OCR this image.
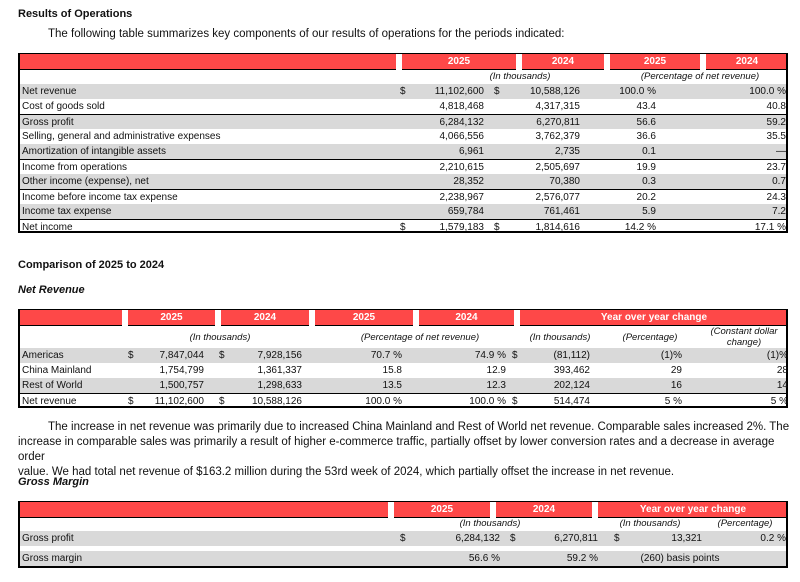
Results of Operations
The following table summarizes key components of our results of operations for the periods indicated:
2025	2024	2025	2024
(In thousands)	(Percentage of net revenue)
Net revenue	$	11,102,600 $	10,588,126	100.0 %	100.0 %
Cost of goods sold	4,818,468	4,317,315	43.4	40.8
Gross profit	6,284,132	6,270,811	56.6	59.2
Selling, general and administrative expenses	4,066,556	3,762,379	36.6	35.5
Amortization of intangible assets	6,961	2,735	0.1	—
Income from operations	2,210,615	2,505,697	19.9	23.7
Other income (expense), net	28,352	70,380	0.3	0.7
Income before income tax expense	2,238,967	2,576,077	20.2	24.3
Income tax expense	659,784	761,461	5.9	7.2
Net income	$	1,579,183 $	1,814,616	14.2 %	17.1 %
Comparison of 2025 to 2024
Net Revenue
2025	2024	2025	2024	Year over year change
(In thousands)	(Percentage of net revenue)	(In thousands)	(Percentage)
(Constant dollar
change)
Americas	$	7,847,044 $	7,928,156	70.7 %	74.9 % $	(81,112)	(1)%	(1)%
China Mainland	1,754,799	1,361,337	15.8	12.9	393,462	29	28
Rest of World	1,500,757	1,298,633	13.5	12.3	202,124	16	14
Net revenue	$	11,102,600 $	10,588,126	100.0 %	100.0 % $	514,474	5 %	5 %
The increase in net revenue was primarily due to increased China Mainland and Rest of World net revenue. Comparable sales increased 2%. The
increase in comparable sales was primarily a result of higher e-commerce traffic, partially offset by lower conversion rates and a decrease in average order
value. We had total net revenue of $163.2 million during the 53rd week of 2024, which partially offset the increase in net revenue.
Gross Margin
2025	2024	Year over year change
(In thousands)	(In thousands)	(Percentage)
Gross profit	$	6,284,132 $	6,270,811 $	13,321	0.2 %
Gross margin	56.6 %	59.2 %	(260) basis points
